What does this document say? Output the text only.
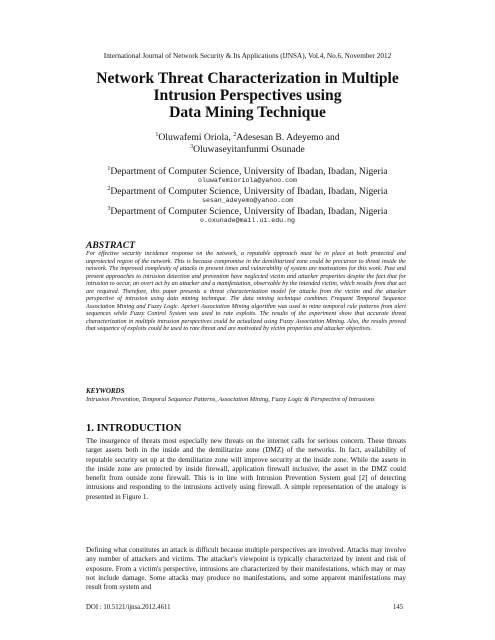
International Journal of Network Security & Its Applications (IJNSA), Vol.4, No.6, November 2012
Network Threat Characterization in Multiple
Intrusion Perspectives using
Data Mining Technique
$^1$Oluwafemi Oriola, $^2$Adesesan B. Adeyemo and
$^3$Oluwaseyitanfunmi Osunade
$^1$Department of Computer Science, University of Ibadan, Ibadan, Nigeria
oluwafemioriola@yahoo.com
$^2$Department of Computer Science, University of Ibadan, Ibadan, Nigeria
sesan_adeyemo@yahoo.com
$^3$Department of Computer Science, University of Ibadan, Ibadan, Nigeria
o.oxunade@mail.ui.edu.ng
ABSTRACT
For effective security incidence response on the network, a reputable approach must be in place at both protected and unprotected region of the network. This is because compromise in the demilitarized zone could be precursor to threat inside the network. The improved complexity of attacks in present times and vulnerability of system are motivations for this work. Past and present approaches to intrusion detection and prevention have neglected victim and attacker properties despite the fact that for intrusion to occur, an overt act by an attacker and a manifestation, observable by the intended victim, which results from that act are required. Therefore, this paper presents a threat characterization model for attacks from the victim and the attacker perspective of intrusion using data mining technique. The data mining technique combines Frequent Temporal Sequence Association Mining and Fuzzy Logic. Apriori Association Mining algorithm was used to mine temporal rule patterns from alert sequences while Fuzzy Control System was used to rate exploits. The results of the experiment show that accurate threat characterization in multiple intrusion perspectives could be actualized using Fuzzy Association Mining. Also, the results proved that sequence of exploits could be used to rate threat and are motivated by victim properties and attacker objectives.
KEYWORDS
Intrusion Prevention, Temporal Sequence Patterns, Association Mining, Fuzzy Logic & Perspective of Intrusions
1. INTRODUCTION
The insurgence of threats most especially new threats on the internet calls for serious concern. These threats target assets both in the inside and the demilitarize zone (DMZ) of the networks. In fact, availability of reputable security set up at the demilitarize zone will improve security at the inside zone. While the assets in the inside zone are protected by inside firewall, application firewall inclusive, the asset in the DMZ could benefit from outside zone firewall. This is in line with Intrusion Prevention System goal [2] of detecting intrusions and responding to the intrusions actively using firewall. A simple representation of the analogy is presented in Figure 1.
Defining what constitutes an attack is difficult because multiple perspectives are involved. Attacks may involve any number of attackers and victims. The attacker's viewpoint is typically characterized by intent and risk of exposure. From a victim's perspective, intrusions are characterized by their manifestations, which may or may not include damage. Some attacks may produce no manifestations, and some apparent manifestations may result from system and
DOI : 10.5121/ijnsa.2012.4611	145
